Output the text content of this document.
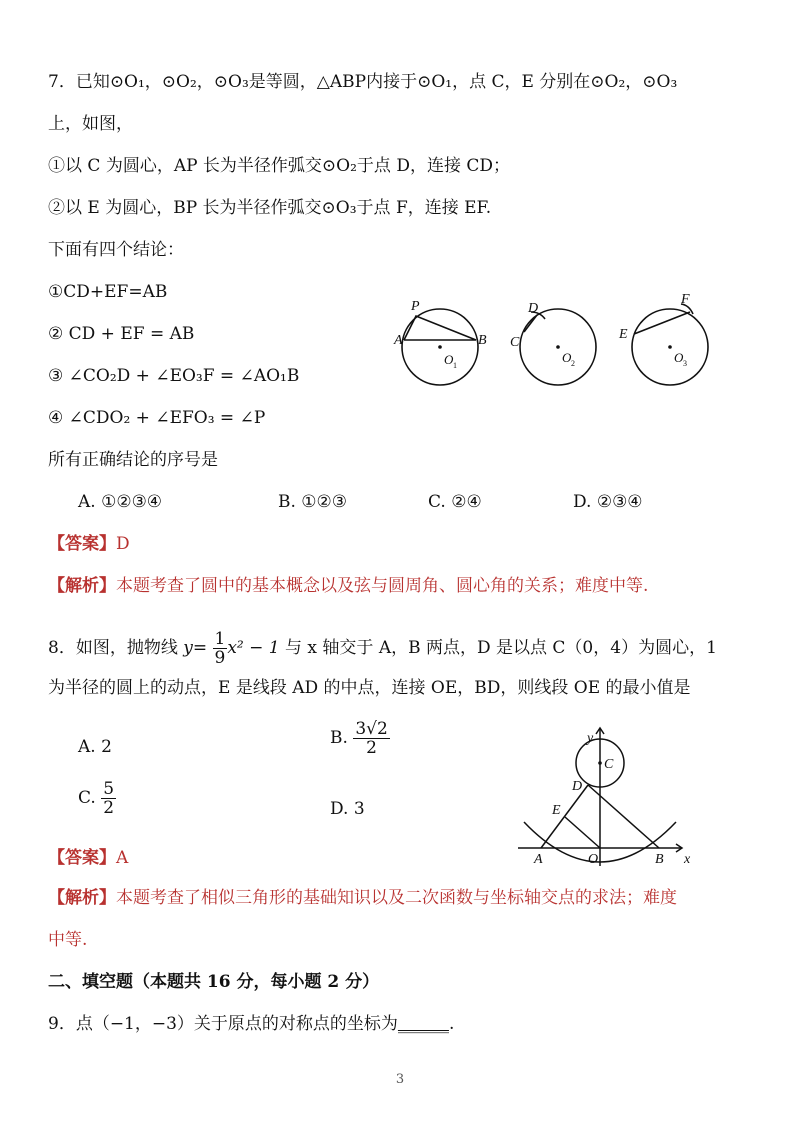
7．已知⊙O₁，⊙O₂，⊙O₃是等圆，△ABP内接于⊙O₁，点 C，E 分别在⊙O₂，⊙O₃
上，如图，
①以 C 为圆心，AP 长为半径作弧交⊙O₂于点 D，连接 CD；
②以 E 为圆心，BP 长为半径作弧交⊙O₃于点 F，连接 EF.
下面有四个结论：
①CD+EF=AB
② CD + EF = AB
③ ∠CO₂D + ∠EO₃F = ∠AO₁B
④ ∠CDO₂ + ∠EFO₃ = ∠P
所有正确结论的序号是
A. ①②③④	B. ①②③	C. ②④	D. ②③④
【答案】D
【解析】本题考查了圆中的基本概念以及弦与圆周角、圆心角的关系；难度中等.
P
A	B
O 1
D
C
O 2
E
F
O 3
8．如图，抛物线 $y= \frac{1}{9} x^2 - 1$ 与 x 轴交于 A，B 两点，D 是以点 C（0，4）为圆心，1
为半径的圆上的动点，E 是线段 AD 的中点，连接 OE，BD，则线段 OE 的最小值是
A. 2	B. $\frac{3√2}{2}$
C. $\frac{5}{2}$	D. 3
【答案】A
【解析】本题考查了相似三角形的基础知识以及二次函数与坐标轴交点的求法；难度
中等.
y
C
D
E
A	O	B x
二、填空题（本题共 16 分，每小题 2 分）
9．点（−1，−3）关于原点的对称点的坐标为______.
3
